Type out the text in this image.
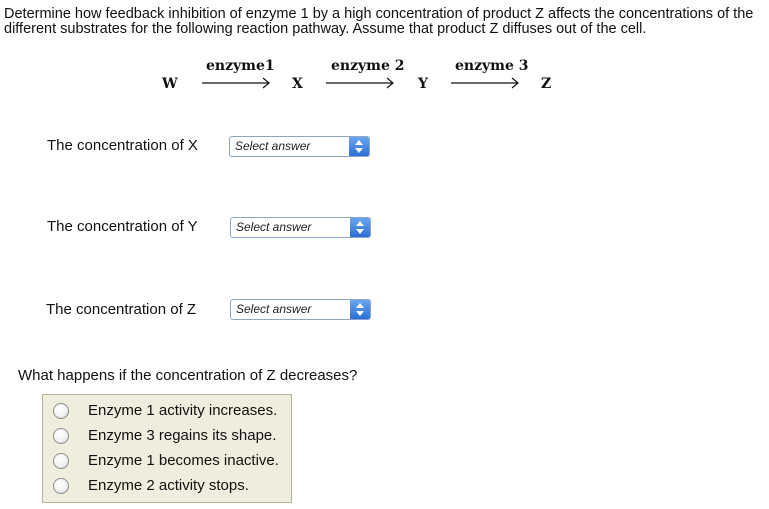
Determine how feedback inhibition of enzyme 1 by a high concentration of product Z affects the concentrations of the different substrates for the following reaction pathway. Assume that product Z diffuses out of the cell.

enzyme1	enzyme 2	enzyme 3
W	X	Y	Z
The concentration of X	Select answer
The concentration of Y	Select answer
The concentration of Z	Select answer
What happens if the concentration of Z decreases?
Enzyme 1 activity increases.
Enzyme 3 regains its shape.
Enzyme 1 becomes inactive.
Enzyme 2 activity stops.
